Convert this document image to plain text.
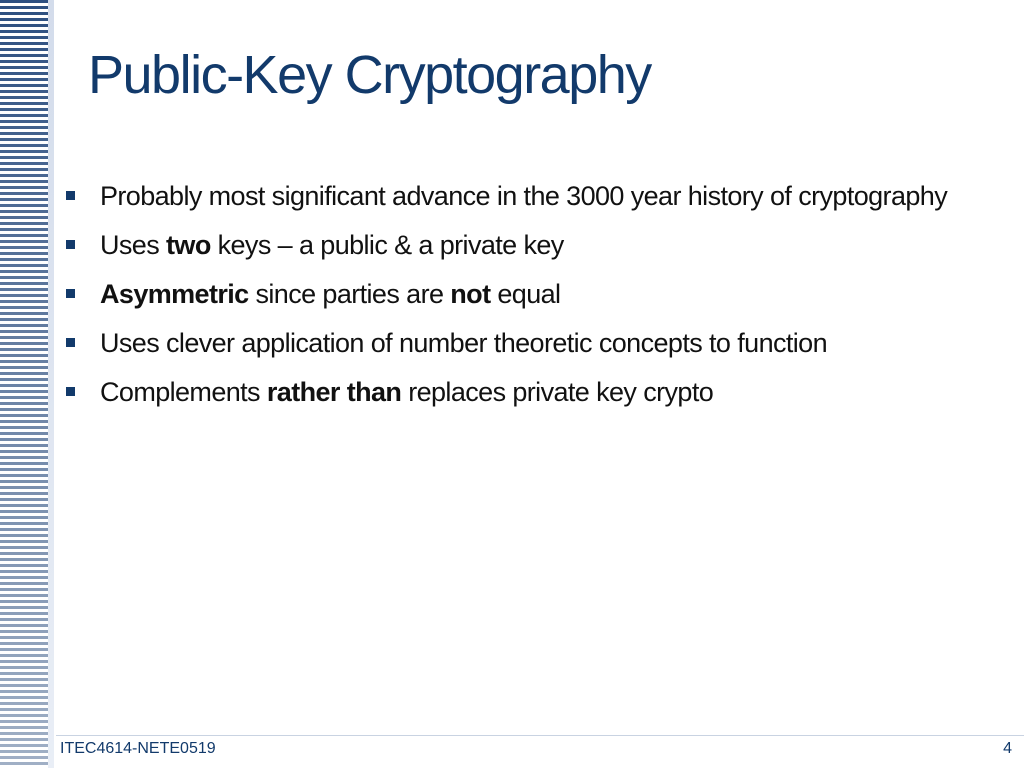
Public-Key Cryptography
Probably most significant advance in the 3000 year history of cryptography
Uses two keys – a public & a private key
Asymmetric since parties are not equal
Uses clever application of number theoretic concepts to function
Complements rather than replaces private key crypto
ITEC4614-NETE0519	4
